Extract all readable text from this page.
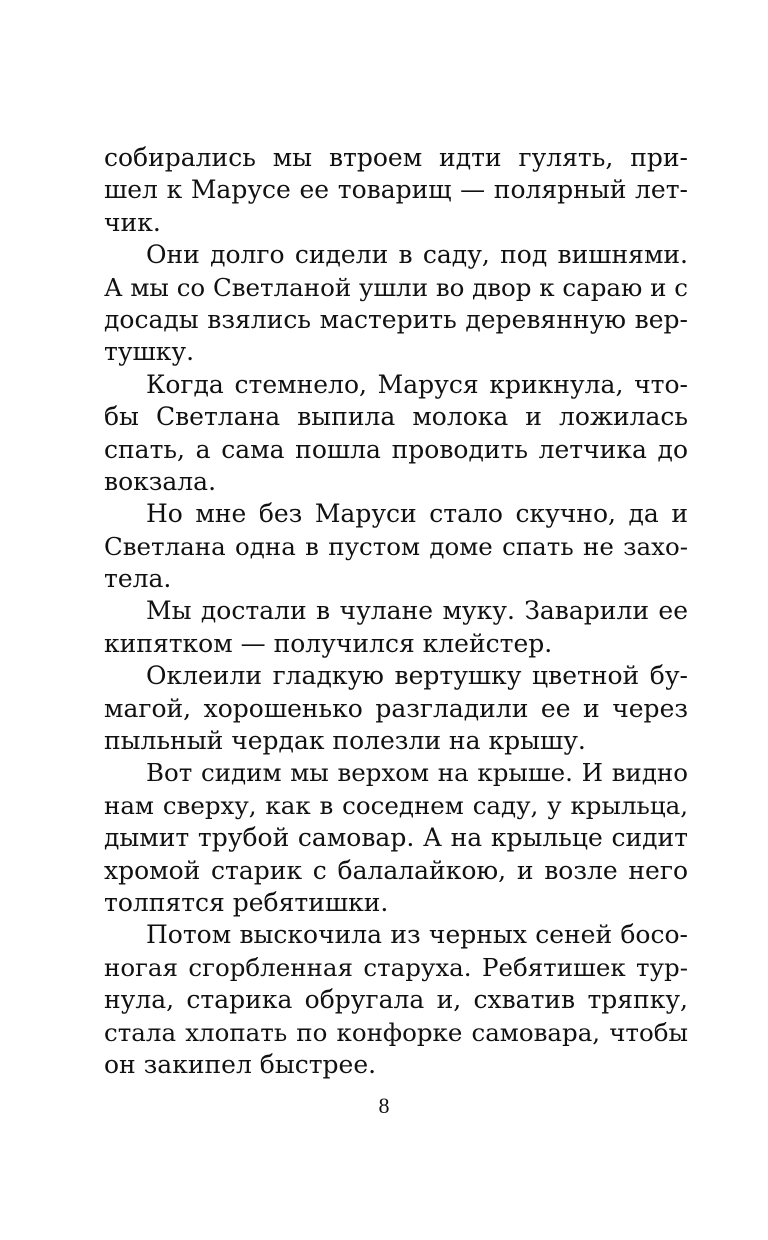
собирались мы втроем идти гулять, при-
шел к Марусе ее товарищ — полярный лет-
чик.
Они долго сидели в саду, под вишнями.
А мы со Светланой ушли во двор к сараю и с
досады взялись мастерить деревянную вер-
тушку.
Когда стемнело, Маруся крикнула, что-
бы Светлана выпила молока и ложилась
спать, а сама пошла проводить летчика до
вокзала.
Но мне без Маруси стало скучно, да и
Светлана одна в пустом доме спать не захо-
тела.
Мы достали в чулане муку. Заварили ее
кипятком — получился клейстер.
Оклеили гладкую вертушку цветной бу-
магой, хорошенько разгладили ее и через
пыльный чердак полезли на крышу.
Вот сидим мы верхом на крыше. И видно
нам сверху, как в соседнем саду, у крыльца,
дымит трубой самовар. А на крыльце сидит
хромой старик с балалайкою, и возле него
толпятся ребятишки.
Потом выскочила из черных сеней босо-
ногая сгорбленная старуха. Ребятишек тур-
нула, старика обругала и, схватив тряпку,
стала хлопать по конфорке самовара, чтобы
он закипел быстрее.
8
